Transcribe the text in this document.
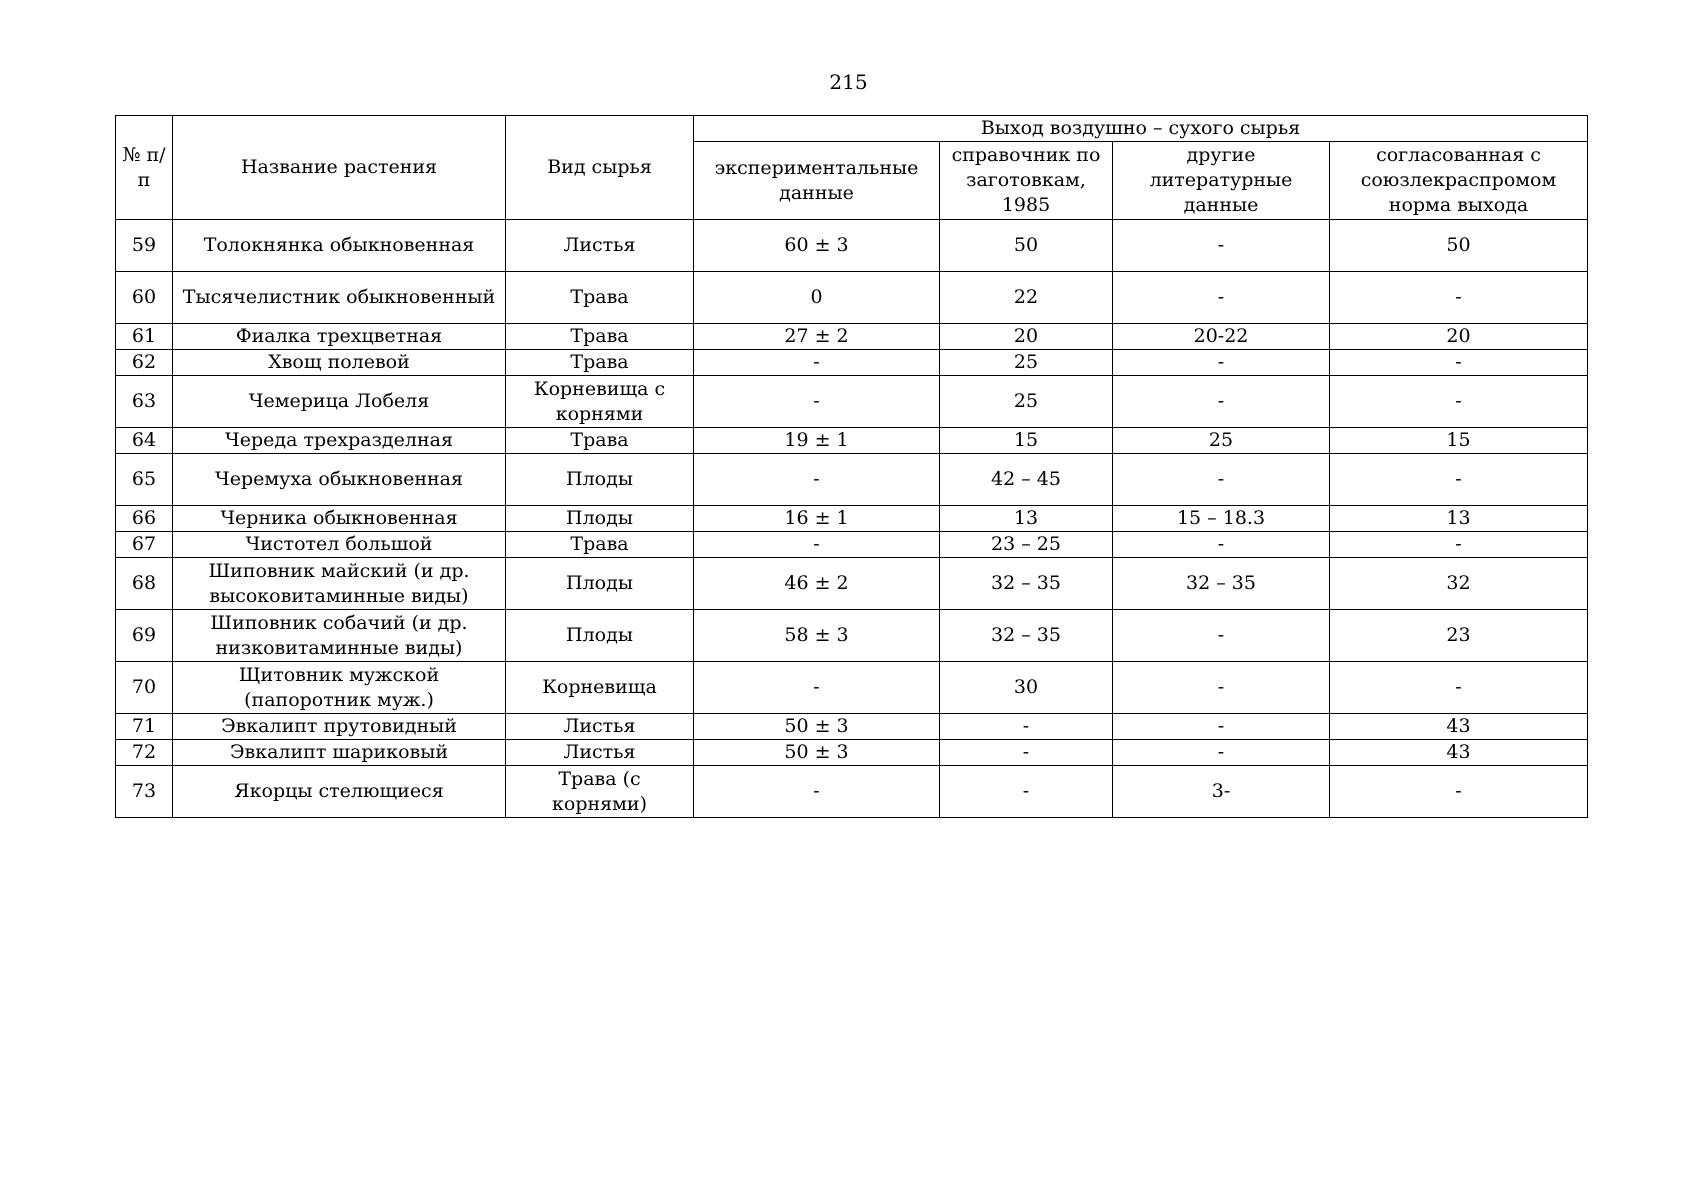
215
№ п/п	Название растения	Вид сырья	Выход воздушно – сухого сырья			
			экспериментальные данные	справочник по заготовкам, 1985	другие литературные данные	согласованная с союзлекраспромом норма выхода
59	Толокнянка обыкновенная	Листья	60 ± 3	50	-	50
60	Тысячелистник обыкновенный	Трава	0	22	-	-
61	Фиалка трехцветная	Трава	27 ± 2	20	20-22	20
62	Хвощ полевой	Трава	-	25	-	-
63	Чемерица Лобеля	Корневища с корнями	-	25	-	-
64	Череда трехразделная	Трава	19 ± 1	15	25	15
65	Черемуха обыкновенная	Плоды	-	42 – 45	-	-
66	Черника обыкновенная	Плоды	16 ± 1	13	15 – 18.3	13
67	Чистотел большой	Трава	-	23 – 25	-	-
68	Шиповник майский (и др. высоковитаминные виды)	Плоды	46 ± 2	32 – 35	32 – 35	32
69	Шиповник собачий (и др. низковитаминные виды)	Плоды	58 ± 3	32 – 35	-	23
70	Щитовник мужской (папоротник муж.)	Корневища	-	30	-	-
71	Эвкалипт прутовидный	Листья	50 ± 3	-	-	43
72	Эвкалипт шариковый	Листья	50 ± 3	-	-	43
73	Якорцы стелющиеся	Трава (с корнями)	-	-	3-	-
